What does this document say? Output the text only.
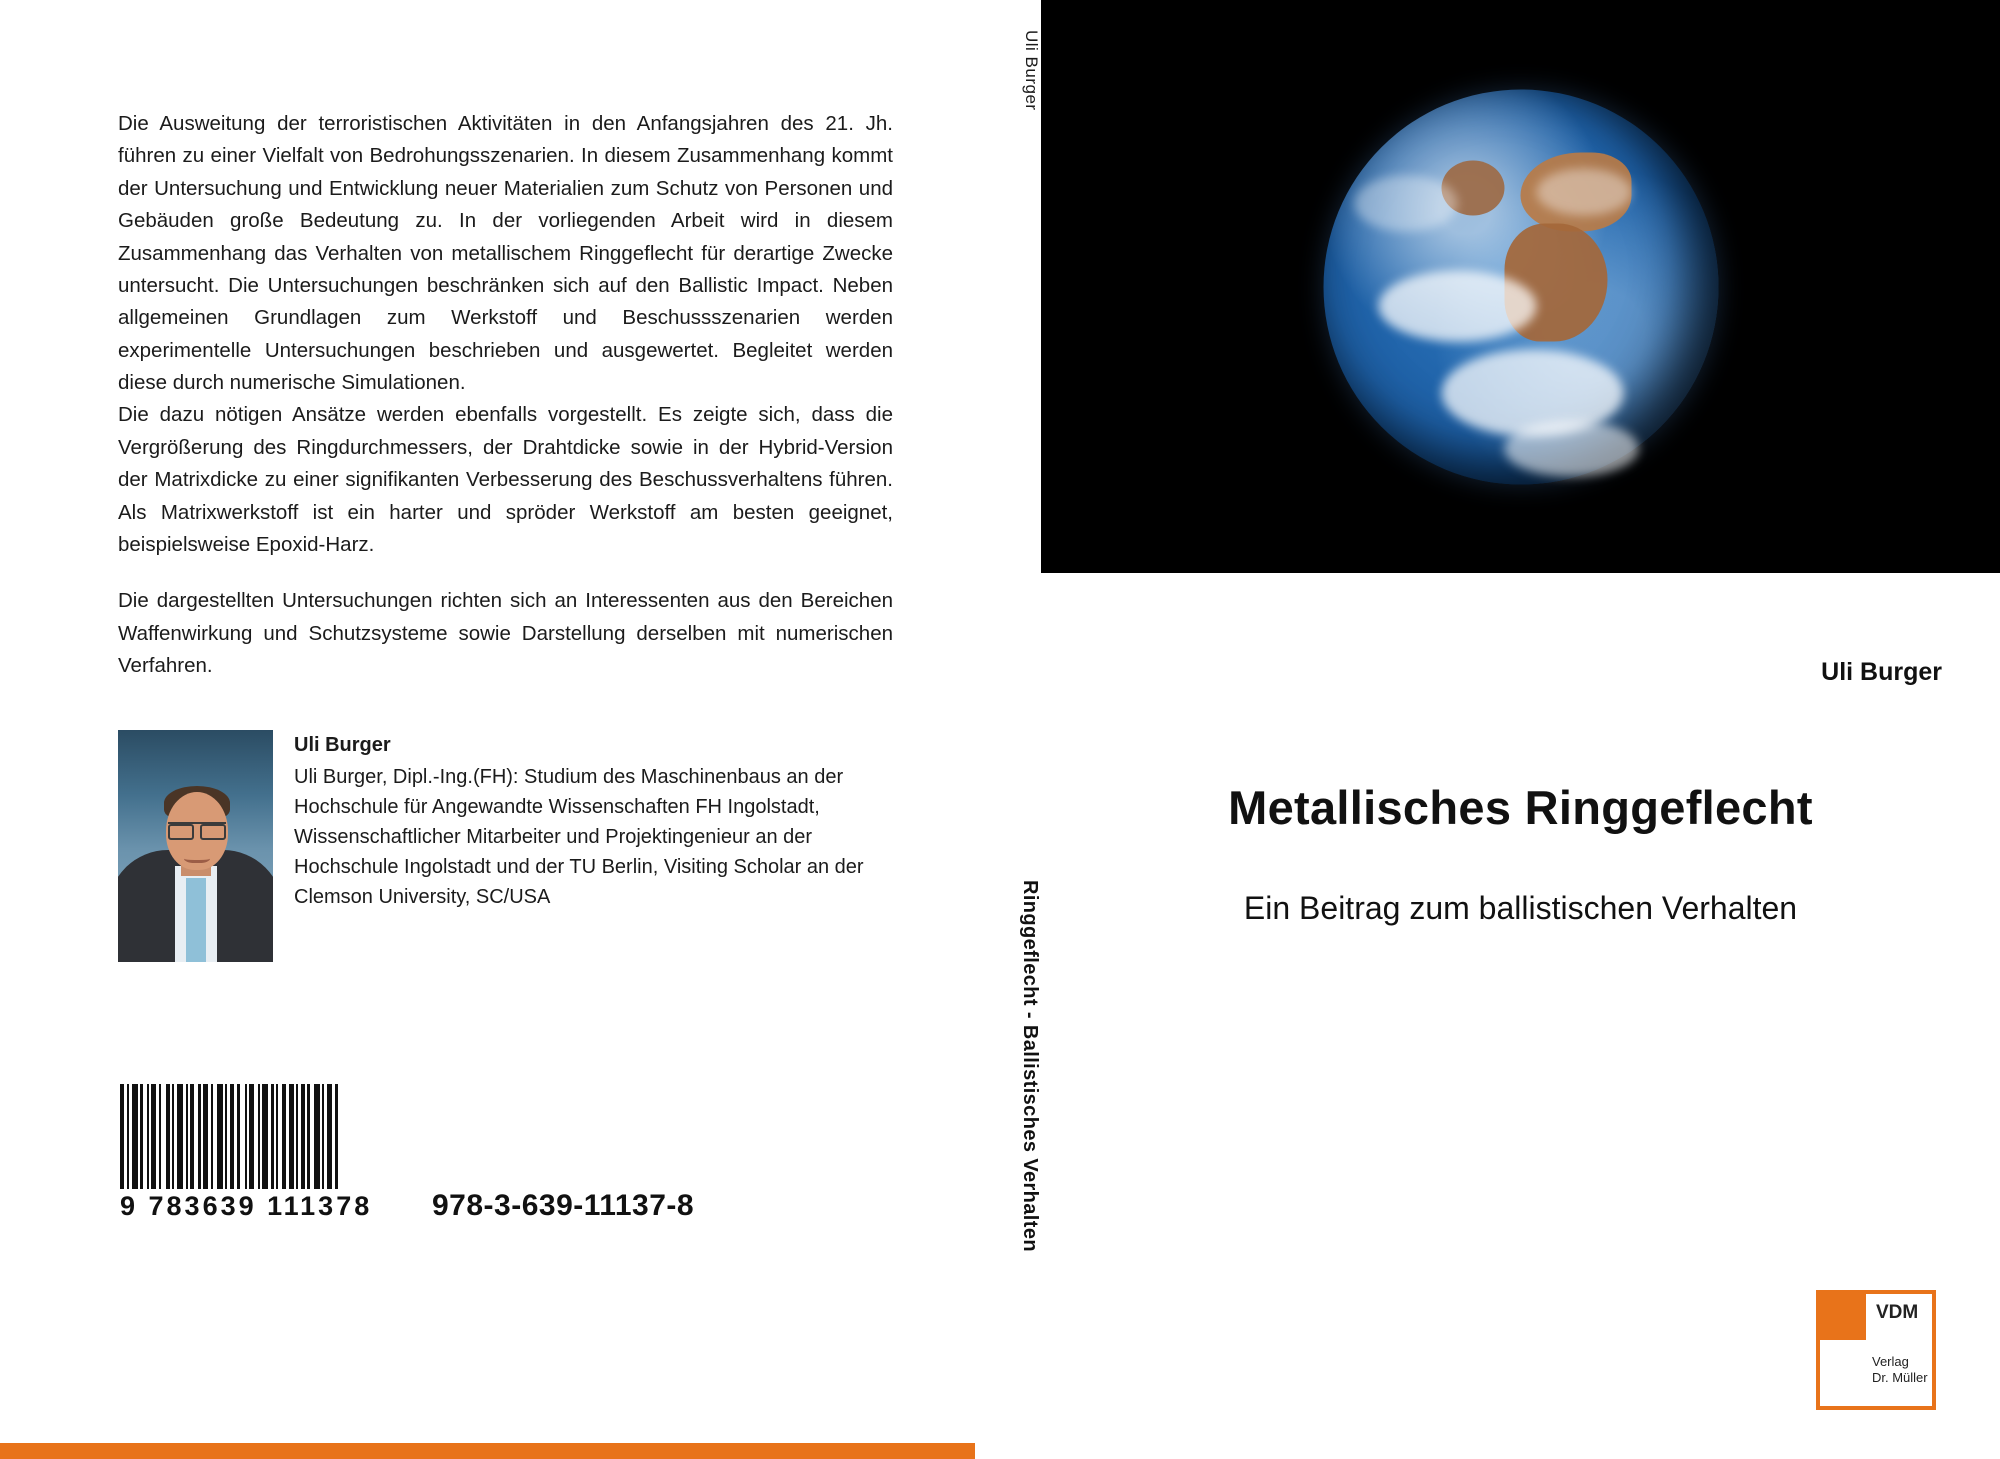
Die Ausweitung der terroristischen Aktivitäten in den Anfangsjahren des 21. Jh. führen zu einer Vielfalt von Bedrohungsszenarien. In diesem Zusammenhang kommt der Untersuchung und Entwicklung neuer Materialien zum Schutz von Personen und Gebäuden große Bedeutung zu. In der vorliegenden Arbeit wird in diesem Zusammenhang das Verhalten von metallischem Ringgeflecht für derartige Zwecke untersucht. Die Untersuchungen beschränken sich auf den Ballistic Impact. Neben allgemeinen Grundlagen zum Werkstoff und Beschussszenarien werden experimentelle Untersuchungen beschrieben und ausgewertet. Begleitet werden diese durch numerische Simulationen.

Die dazu nötigen Ansätze werden ebenfalls vorgestellt. Es zeigte sich, dass die Vergrößerung des Ringdurchmessers, der Drahtdicke sowie in der Hybrid-Version der Matrixdicke zu einer signifikanten Verbesserung des Beschussverhaltens führen. Als Matrixwerkstoff ist ein harter und spröder Werkstoff am besten geeignet, beispielsweise Epoxid-Harz.

Die dargestellten Untersuchungen richten sich an Interessenten aus den Bereichen Waffenwirkung und Schutzsysteme sowie Darstellung derselben mit numerischen Verfahren.

Uli Burger
Uli Burger, Dipl.-Ing.(FH): Studium des Maschinenbaus an der Hochschule für Angewandte Wissenschaften FH Ingolstadt, Wissenschaftlicher Mitarbeiter und Projektingenieur an der Hochschule Ingolstadt und der TU Berlin, Visiting Scholar an der Clemson University, SC/USA
9 783639 111378	978-3-639-11137-8
Uli Burger
Ringgeflecht - Ballistisches Verhalten
Uli Burger
Metallisches Ringgeflecht
Ein Beitrag zum ballistischen Verhalten
VDM
Verlag
Dr. Müller
